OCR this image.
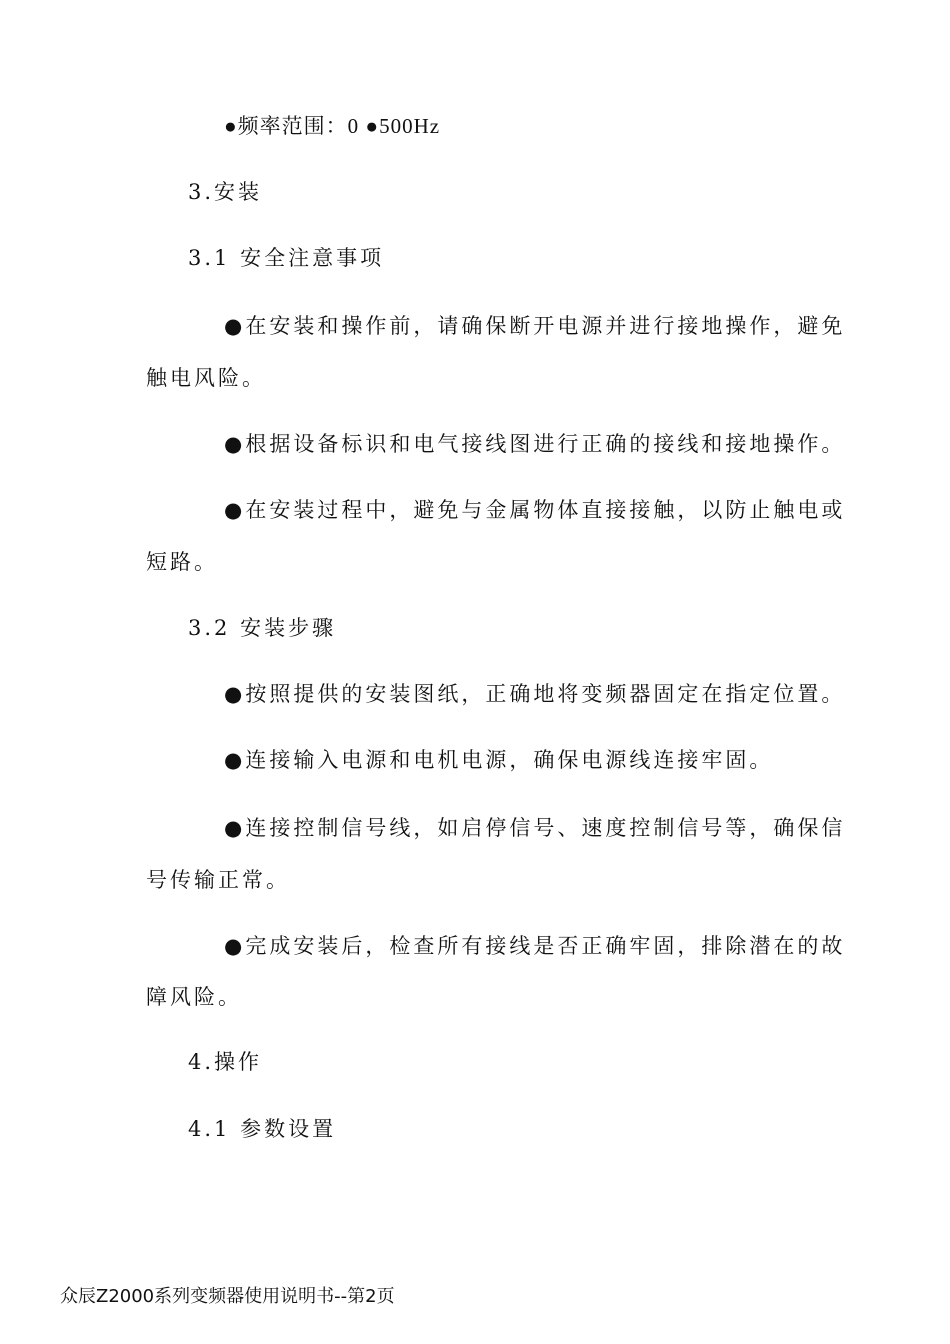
●频率范围：0 ●500Hz
3.安装
3.1 安全注意事项
●在安装和操作前，请确保断开电源并进行接地操作，避免
触电风险。
●根据设备标识和电气接线图进行正确的接线和接地操作。
●在安装过程中，避免与金属物体直接接触，以防止触电或
短路。
3.2 安装步骤
●按照提供的安装图纸，正确地将变频器固定在指定位置。
●连接输入电源和电机电源，确保电源线连接牢固。
●连接控制信号线，如启停信号、速度控制信号等，确保信
号传输正常。
●完成安装后，检查所有接线是否正确牢固，排除潜在的故
障风险。
4.操作
4.1 参数设置
众辰Z2000系列变频器使用说明书--第2页
